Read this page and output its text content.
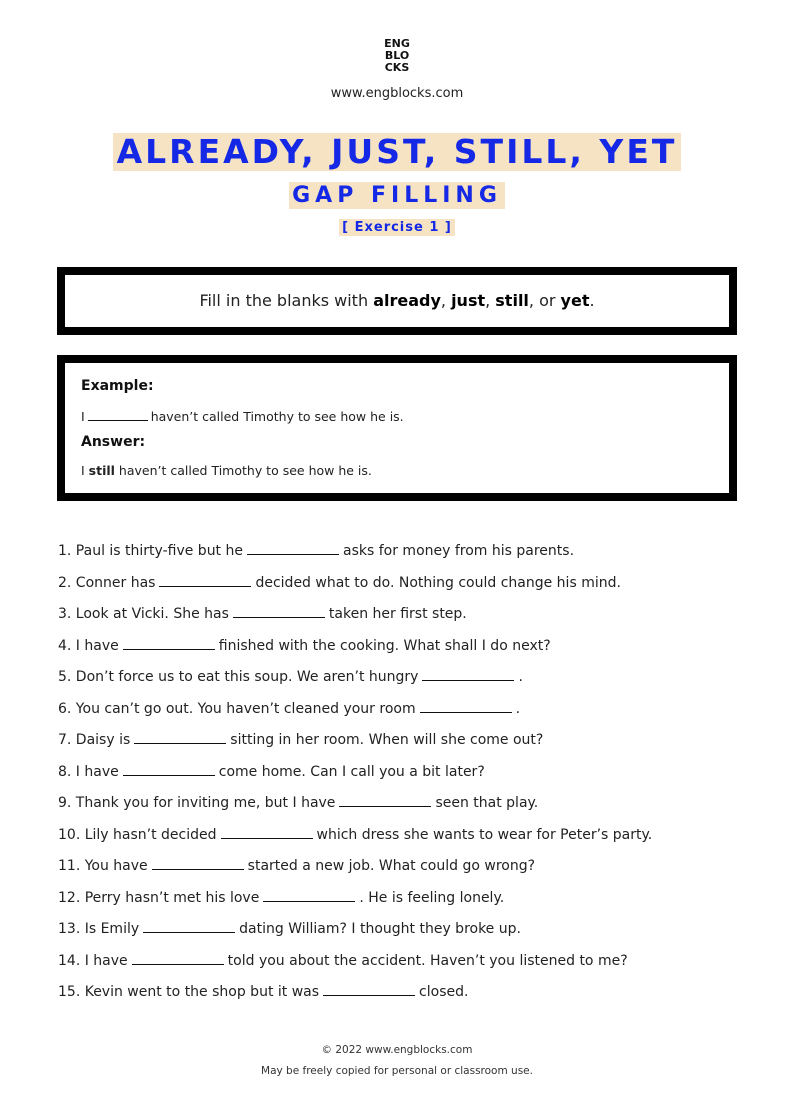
ENG
BLO
CKS
www.engblocks.com
ALREADY, JUST, STILL, YET
GAP FILLING
[ Exercise 1 ]
Fill in the blanks with already, just, still, or yet.
Example:
I	haven’t called Timothy to see how he is.
Answer:
I still haven’t called Timothy to see how he is.
1. Paul is thirty-five but he	asks for money from his parents.
2. Conner has	decided what to do. Nothing could change his mind.
3. Look at Vicki. She has	taken her first step.
4. I have	finished with the cooking. What shall I do next?
5. Don’t force us to eat this soup. We aren’t hungry	.
6. You can’t go out. You haven’t cleaned your room	.
7. Daisy is	sitting in her room. When will she come out?
8. I have	come home. Can I call you a bit later?
9. Thank you for inviting me, but I have	seen that play.
10. Lily hasn’t decided	which dress she wants to wear for Peter’s party.
11. You have	started a new job. What could go wrong?
12. Perry hasn’t met his love	. He is feeling lonely.
13. Is Emily	dating William? I thought they broke up.
14. I have	told you about the accident. Haven’t you listened to me?
15. Kevin went to the shop but it was	closed.
© 2022 www.engblocks.com
May be freely copied for personal or classroom use.
